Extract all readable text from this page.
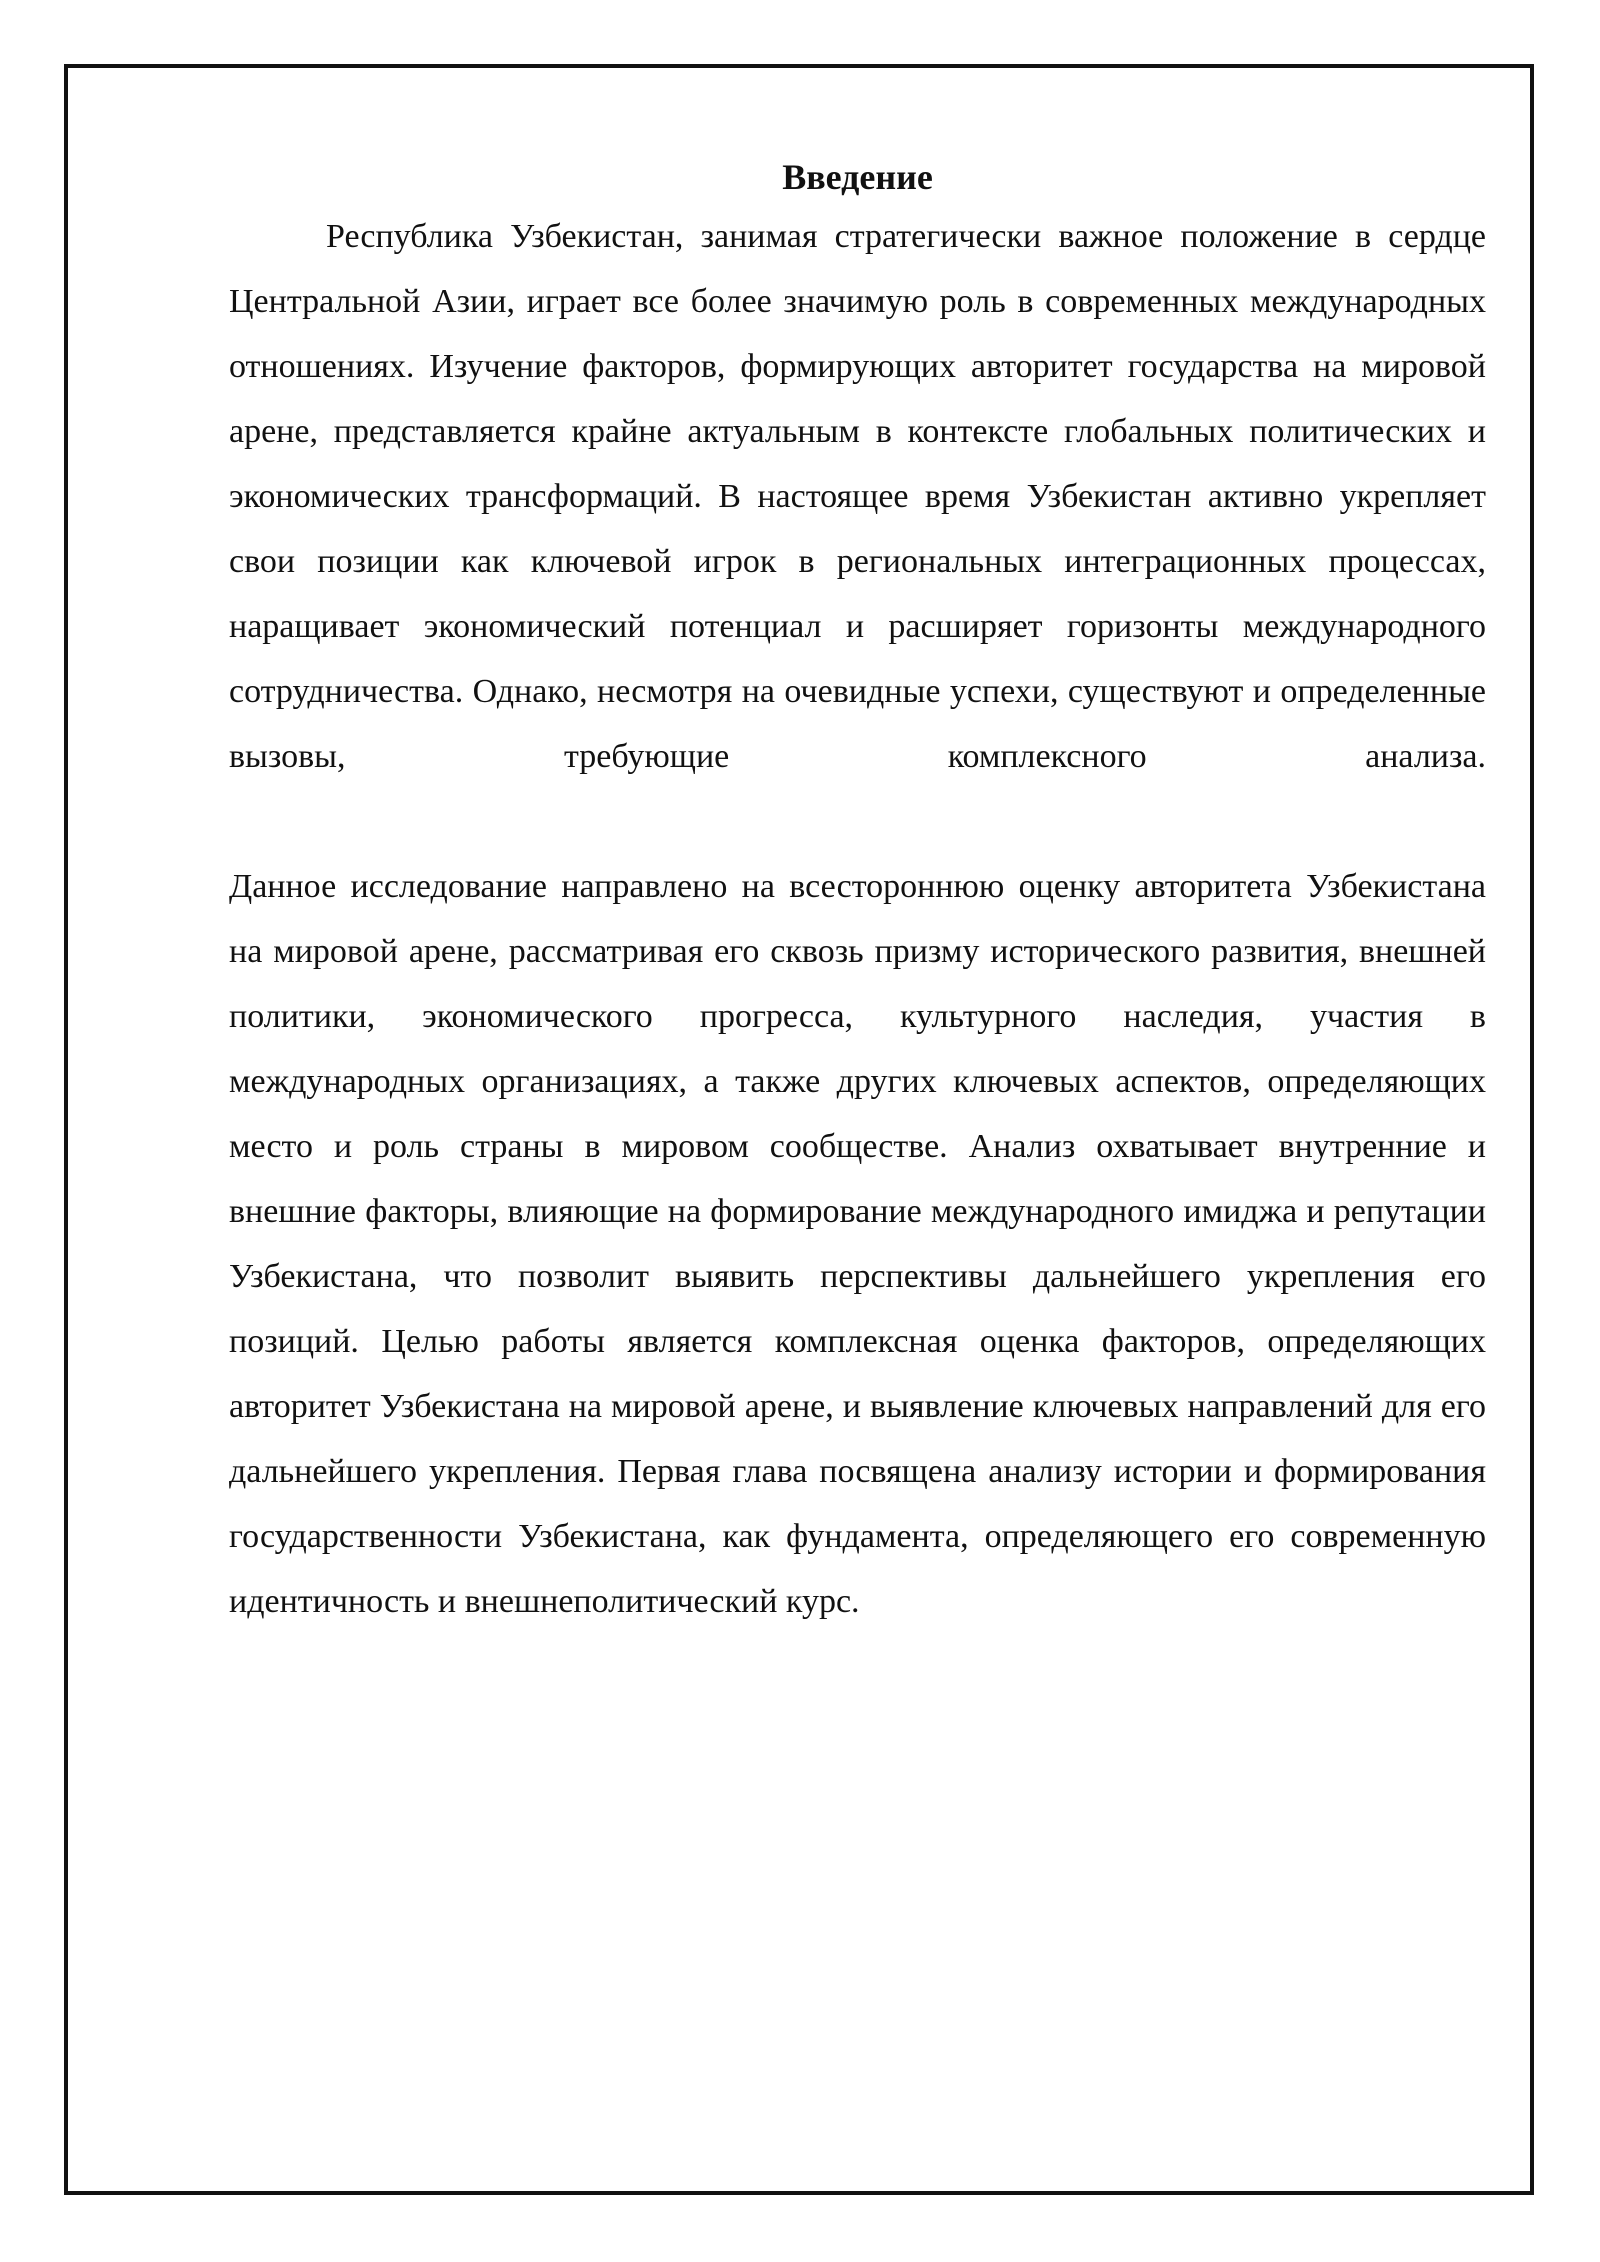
Введение

Республика Узбекистан, занимая стратегически важное положение в сердце Центральной Азии, играет все более значимую роль в современных международных отношениях. Изучение факторов, формирующих авторитет государства на мировой арене, представляется крайне актуальным в контексте глобальных политических и экономических трансформаций. В настоящее время Узбекистан активно укрепляет свои позиции как ключевой игрок в региональных интеграционных процессах, наращивает экономический потенциал и расширяет горизонты международного сотрудничества. Однако, несмотря на очевидные успехи, существуют и определенные вызовы, требующие комплексного анализа.

Данное исследование направлено на всестороннюю оценку авторитета Узбекистана на мировой арене, рассматривая его сквозь призму исторического развития, внешней политики, экономического прогресса, культурного наследия, участия в международных организациях, а также других ключевых аспектов, определяющих место и роль страны в мировом сообществе. Анализ охватывает внутренние и внешние факторы, влияющие на формирование международного имиджа и репутации Узбекистана, что позволит выявить перспективы дальнейшего укрепления его позиций. Целью работы является комплексная оценка факторов, определяющих авторитет Узбекистана на мировой арене, и выявление ключевых направлений для его дальнейшего укрепления. Первая глава посвящена анализу истории и формирования государственности Узбекистана, как фундамента, определяющего его современную идентичность и внешнеполитический курс.
